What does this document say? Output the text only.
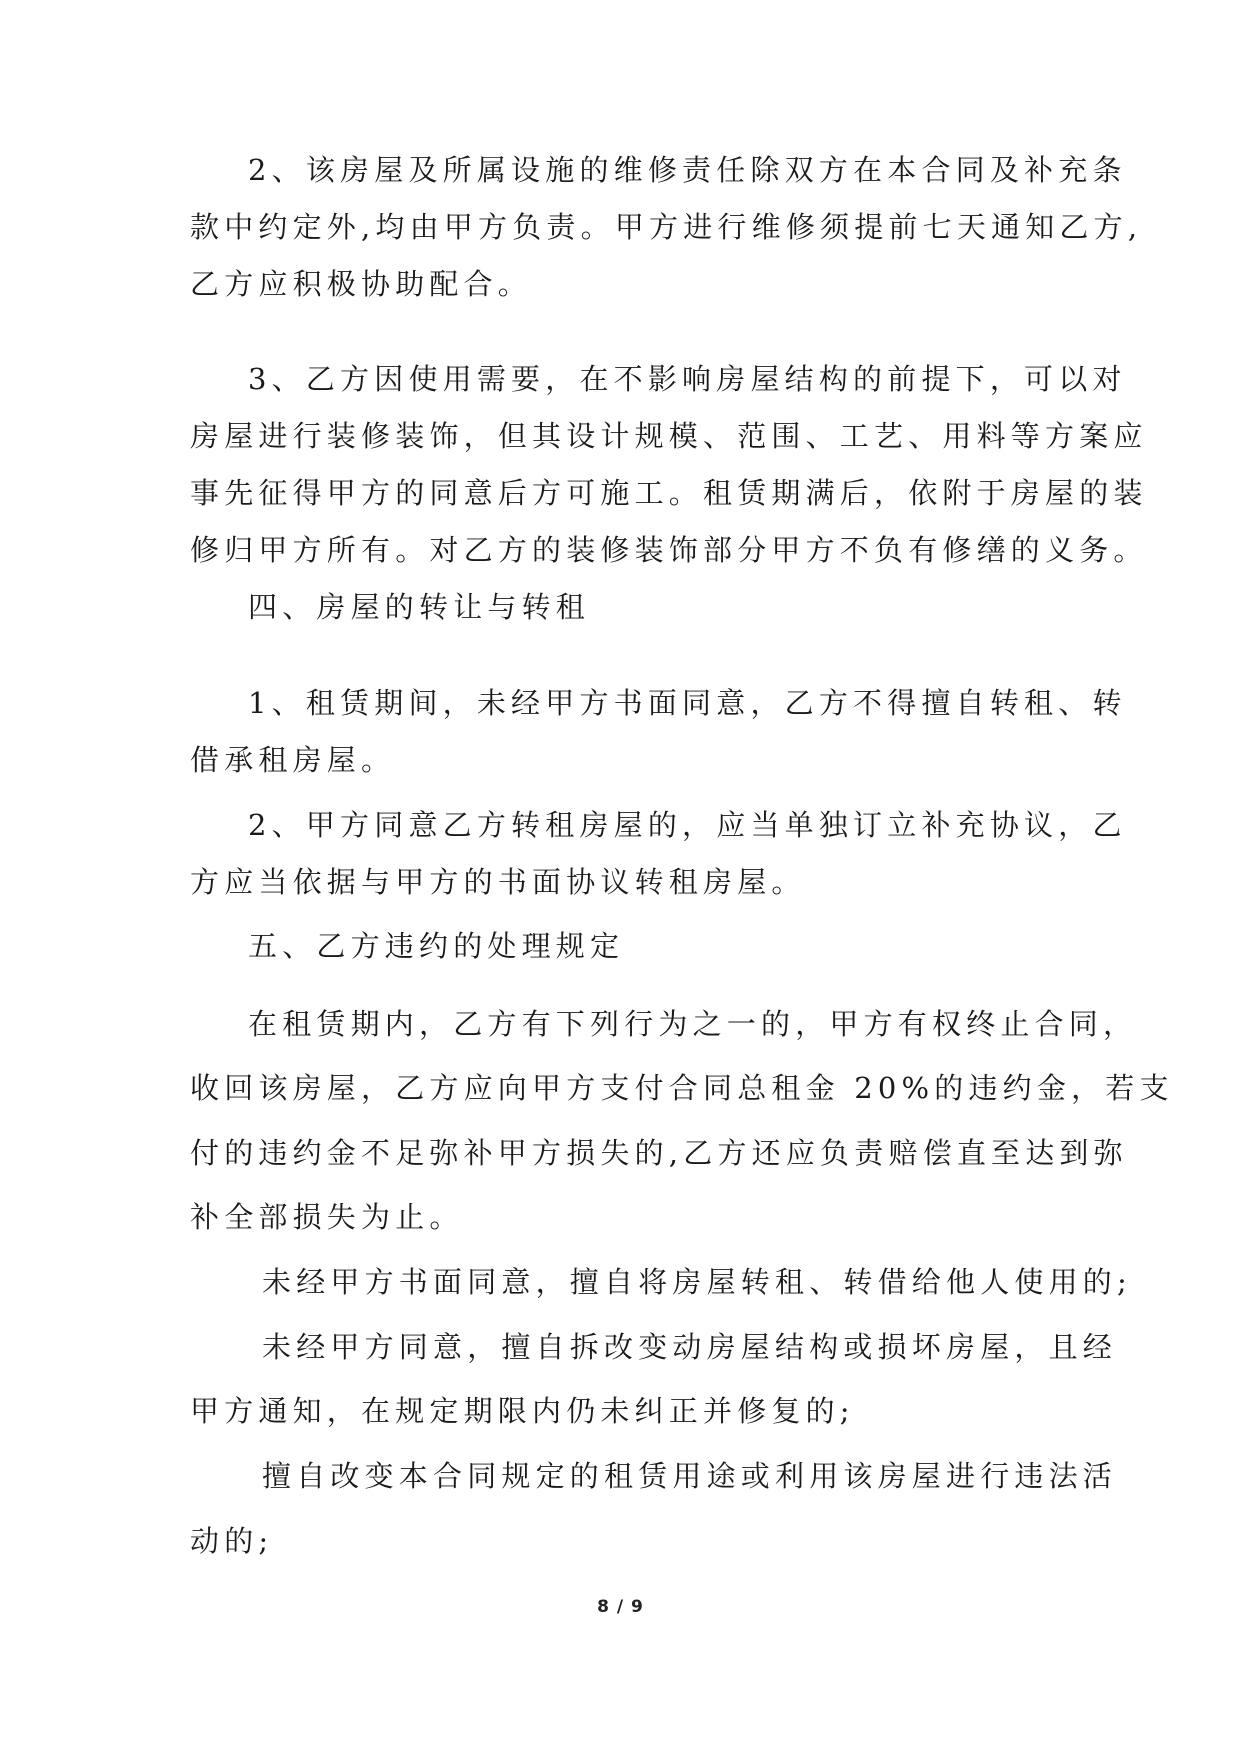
2、该房屋及所属设施的维修责任除双方在本合同及补充条
款中约定外,均由甲方负责。甲方进行维修须提前七天通知乙方,
乙方应积极协助配合。
3、乙方因使用需要，在不影响房屋结构的前提下，可以对
房屋进行装修装饰，但其设计规模、范围、工艺、用料等方案应
事先征得甲方的同意后方可施工。租赁期满后，依附于房屋的装
修归甲方所有。对乙方的装修装饰部分甲方不负有修缮的义务。
四、房屋的转让与转租
1、租赁期间，未经甲方书面同意，乙方不得擅自转租、转
借承租房屋。
2、甲方同意乙方转租房屋的，应当单独订立补充协议，乙
方应当依据与甲方的书面协议转租房屋。
五、乙方违约的处理规定
在租赁期内，乙方有下列行为之一的，甲方有权终止合同，
收回该房屋，乙方应向甲方支付合同总租金 20%的违约金，若支
付的违约金不足弥补甲方损失的,乙方还应负责赔偿直至达到弥
补全部损失为止。
未经甲方书面同意，擅自将房屋转租、转借给他人使用的;
未经甲方同意，擅自拆改变动房屋结构或损坏房屋，且经
甲方通知，在规定期限内仍未纠正并修复的;
擅自改变本合同规定的租赁用途或利用该房屋进行违法活
动的;
8 / 9
